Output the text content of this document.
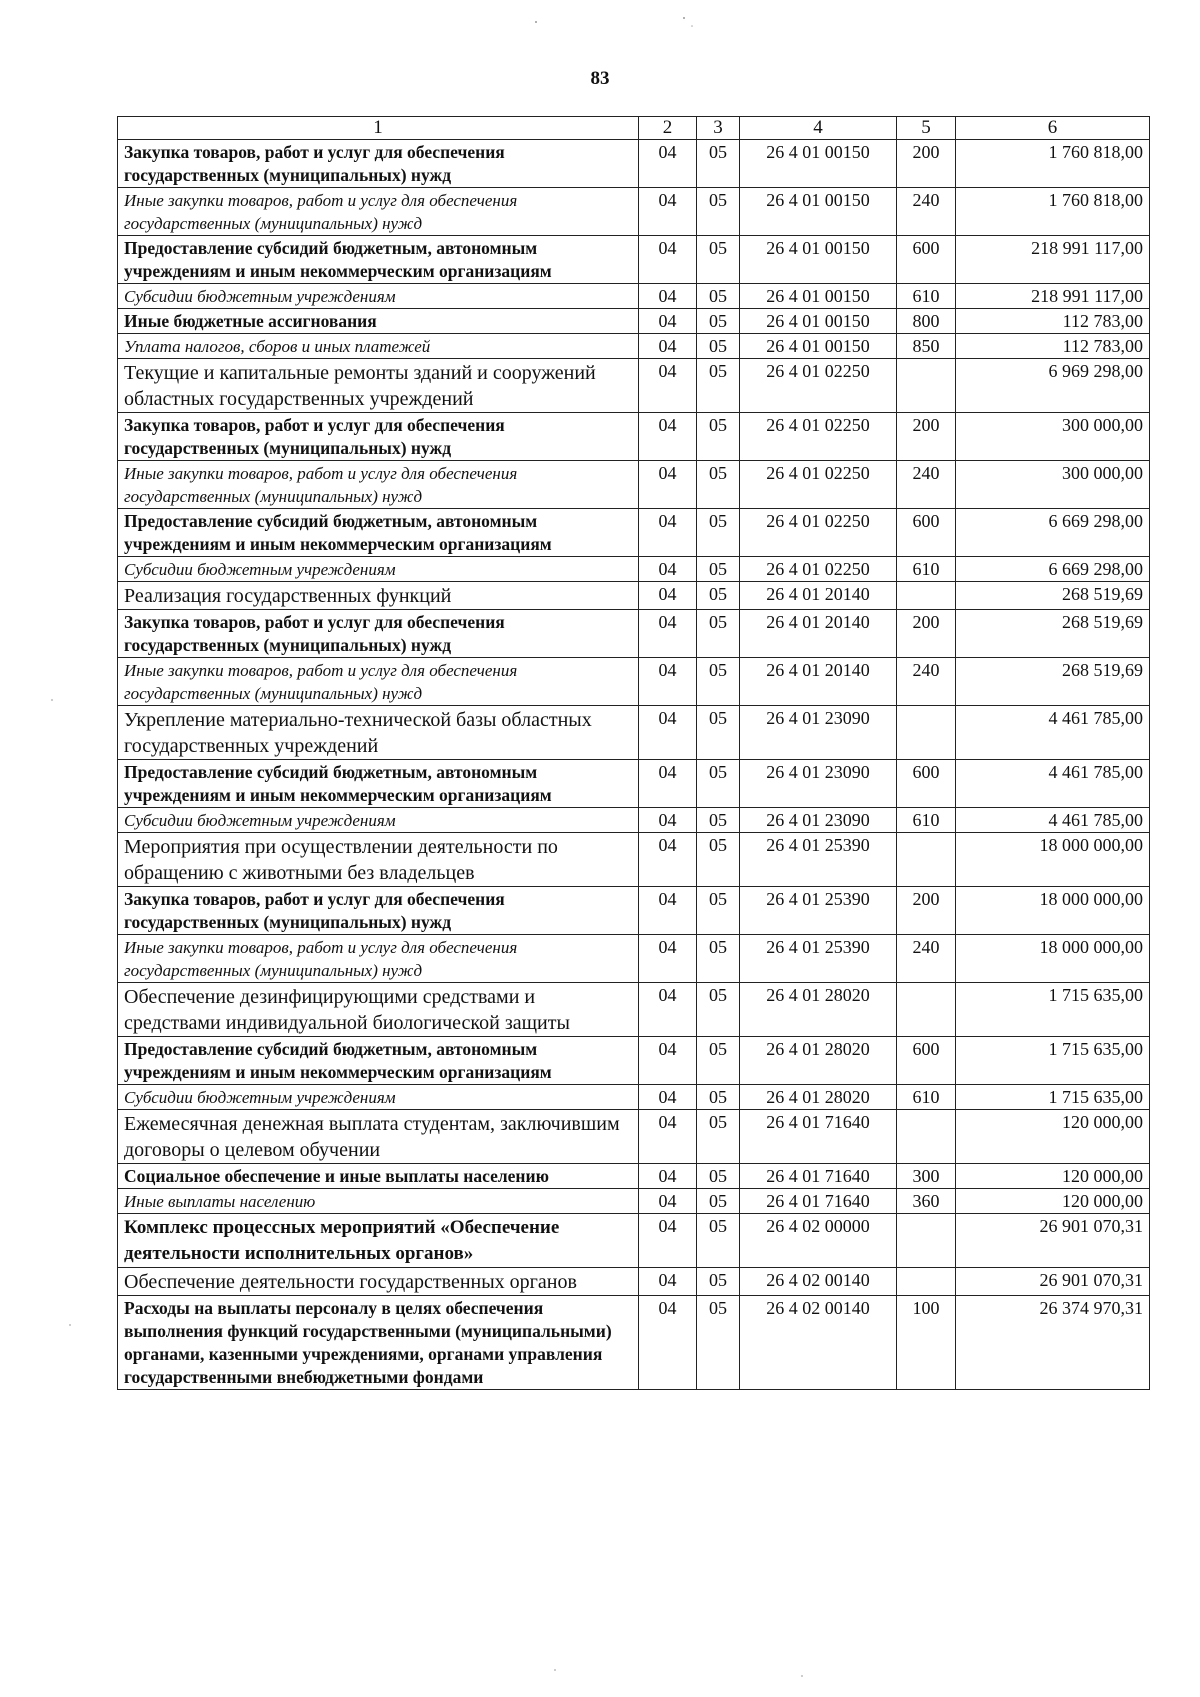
83
1	2	3	4	5	6
Закупка товаров, работ и услуг для обеспечения государственных (муниципальных) нужд	04	05	26 4 01 00150	200	1 760 818,00
Иные закупки товаров, работ и услуг для обеспечения государственных (муниципальных) нужд	04	05	26 4 01 00150	240	1 760 818,00
Предоставление субсидий бюджетным, автономным учреждениям и иным некоммерческим организациям	04	05	26 4 01 00150	600	218 991 117,00
Субсидии бюджетным учреждениям	04	05	26 4 01 00150	610	218 991 117,00
Иные бюджетные ассигнования	04	05	26 4 01 00150	800	112 783,00
Уплата налогов, сборов и иных платежей	04	05	26 4 01 00150	850	112 783,00
Текущие и капитальные ремонты зданий и сооружений областных государственных учреждений	04	05	26 4 01 02250		6 969 298,00
Закупка товаров, работ и услуг для обеспечения государственных (муниципальных) нужд	04	05	26 4 01 02250	200	300 000,00
Иные закупки товаров, работ и услуг для обеспечения государственных (муниципальных) нужд	04	05	26 4 01 02250	240	300 000,00
Предоставление субсидий бюджетным, автономным учреждениям и иным некоммерческим организациям	04	05	26 4 01 02250	600	6 669 298,00
Субсидии бюджетным учреждениям	04	05	26 4 01 02250	610	6 669 298,00
Реализация государственных функций	04	05	26 4 01 20140		268 519,69
Закупка товаров, работ и услуг для обеспечения государственных (муниципальных) нужд	04	05	26 4 01 20140	200	268 519,69
Иные закупки товаров, работ и услуг для обеспечения государственных (муниципальных) нужд	04	05	26 4 01 20140	240	268 519,69
Укрепление материально-технической базы областных государственных учреждений	04	05	26 4 01 23090		4 461 785,00
Предоставление субсидий бюджетным, автономным учреждениям и иным некоммерческим организациям	04	05	26 4 01 23090	600	4 461 785,00
Субсидии бюджетным учреждениям	04	05	26 4 01 23090	610	4 461 785,00
Мероприятия при осуществлении деятельности по обращению с животными без владельцев	04	05	26 4 01 25390		18 000 000,00
Закупка товаров, работ и услуг для обеспечения государственных (муниципальных) нужд	04	05	26 4 01 25390	200	18 000 000,00
Иные закупки товаров, работ и услуг для обеспечения государственных (муниципальных) нужд	04	05	26 4 01 25390	240	18 000 000,00
Обеспечение дезинфицирующими средствами и средствами индивидуальной биологической защиты	04	05	26 4 01 28020		1 715 635,00
Предоставление субсидий бюджетным, автономным учреждениям и иным некоммерческим организациям	04	05	26 4 01 28020	600	1 715 635,00
Субсидии бюджетным учреждениям	04	05	26 4 01 28020	610	1 715 635,00
Ежемесячная денежная выплата студентам, заключившим договоры о целевом обучении	04	05	26 4 01 71640		120 000,00
Социальное обеспечение и иные выплаты населению	04	05	26 4 01 71640	300	120 000,00
Иные выплаты населению	04	05	26 4 01 71640	360	120 000,00
Комплекс процессных мероприятий «Обеспечение деятельности исполнительных органов»	04	05	26 4 02 00000		26 901 070,31
Обеспечение деятельности государственных органов	04	05	26 4 02 00140		26 901 070,31
Расходы на выплаты персоналу в целях обеспечения выполнения функций государственными (муниципальными) органами, казенными учреждениями, органами управления государственными внебюджетными фондами	04	05	26 4 02 00140	100	26 374 970,31
